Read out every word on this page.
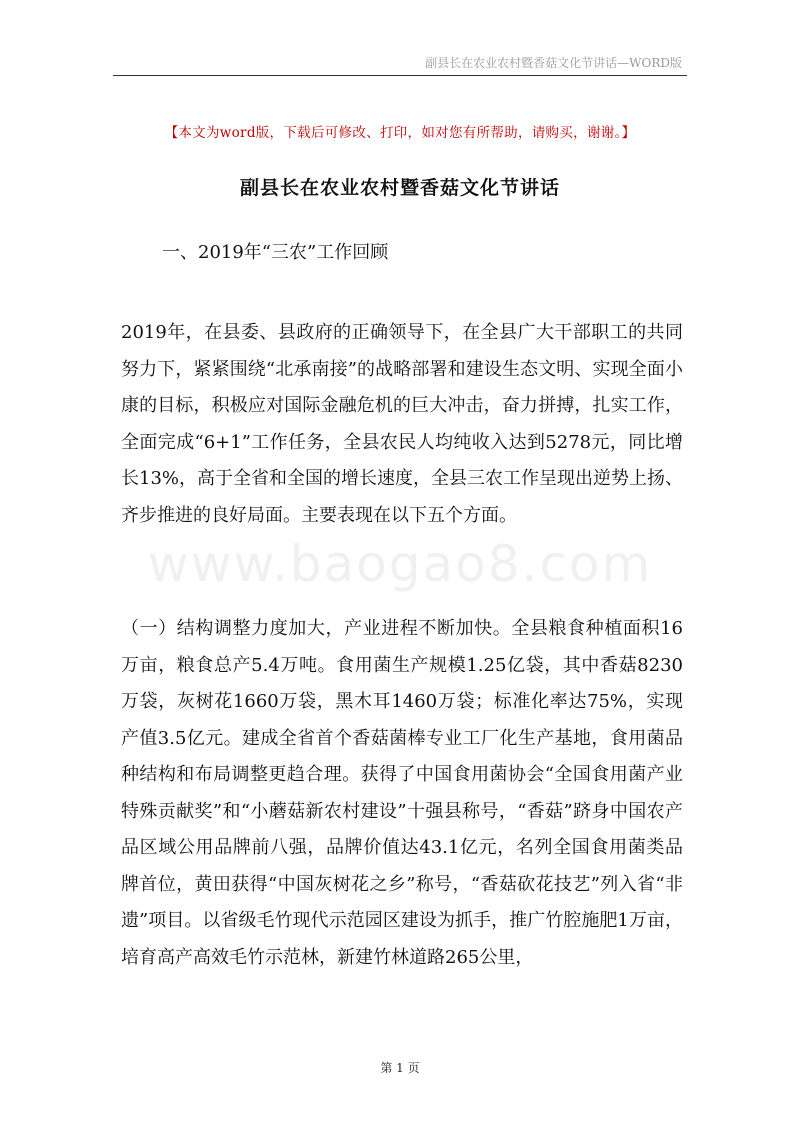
副县长在农业农村暨香菇文化节讲话—WORD版
【本文为word版，下载后可修改、打印，如对您有所帮助，请购买，谢谢。】
副县长在农业农村暨香菇文化节讲话
一、2019年“三农”工作回顾

2019年，在县委、县政府的正确领导下，在全县广大干部职工的共同努力下，紧紧围绕“北承南接”的战略部署和建设生态文明、实现全面小康的目标，积极应对国际金融危机的巨大冲击，奋力拼搏，扎实工作，全面完成“6+1”工作任务，全县农民人均纯收入达到5278元，同比增长13%，高于全省和全国的增长速度，全县三农工作呈现出逆势上扬、齐步推进的良好局面。主要表现在以下五个方面。

www.baogao8.com

（一）结构调整力度加大，产业进程不断加快。全县粮食种植面积16万亩，粮食总产5.4万吨。食用菌生产规模1.25亿袋，其中香菇8230万袋，灰树花1660万袋，黑木耳1460万袋；标准化率达75%，实现产值3.5亿元。建成全省首个香菇菌棒专业工厂化生产基地，食用菌品种结构和布局调整更趋合理。获得了中国食用菌协会“全国食用菌产业特殊贡献奖”和“小蘑菇新农村建设”十强县称号，“香菇”跻身中国农产品区域公用品牌前八强，品牌价值达43.1亿元，名列全国食用菌类品牌首位，黄田获得“中国灰树花之乡”称号，“香菇砍花技艺”列入省“非遗”项目。以省级毛竹现代示范园区建设为抓手，推广竹腔施肥1万亩，培育高产高效毛竹示范林，新建竹林道路265公里，

第 1 页
